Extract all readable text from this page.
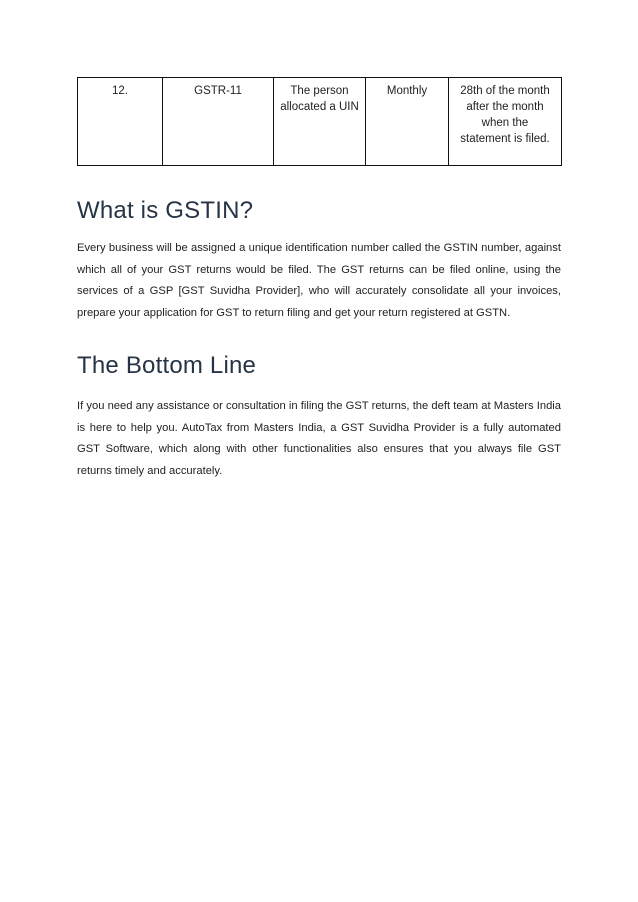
12.	GSTR-11	The person allocated a UIN	Monthly	28th of the month after the month when the statement is filed.
What is GSTIN?

Every business will be assigned a unique identification number called the GSTIN number, against which all of your GST returns would be filed. The GST returns can be filed online, using the services of a GSP [GST Suvidha Provider], who will accurately consolidate all your invoices, prepare your application for GST to return filing and get your return registered at GSTN.

The Bottom Line

If you need any assistance or consultation in filing the GST returns, the deft team at Masters India is here to help you. AutoTax from Masters India, a GST Suvidha Provider is a fully automated GST Software, which along with other functionalities also ensures that you always file GST returns timely and accurately.
